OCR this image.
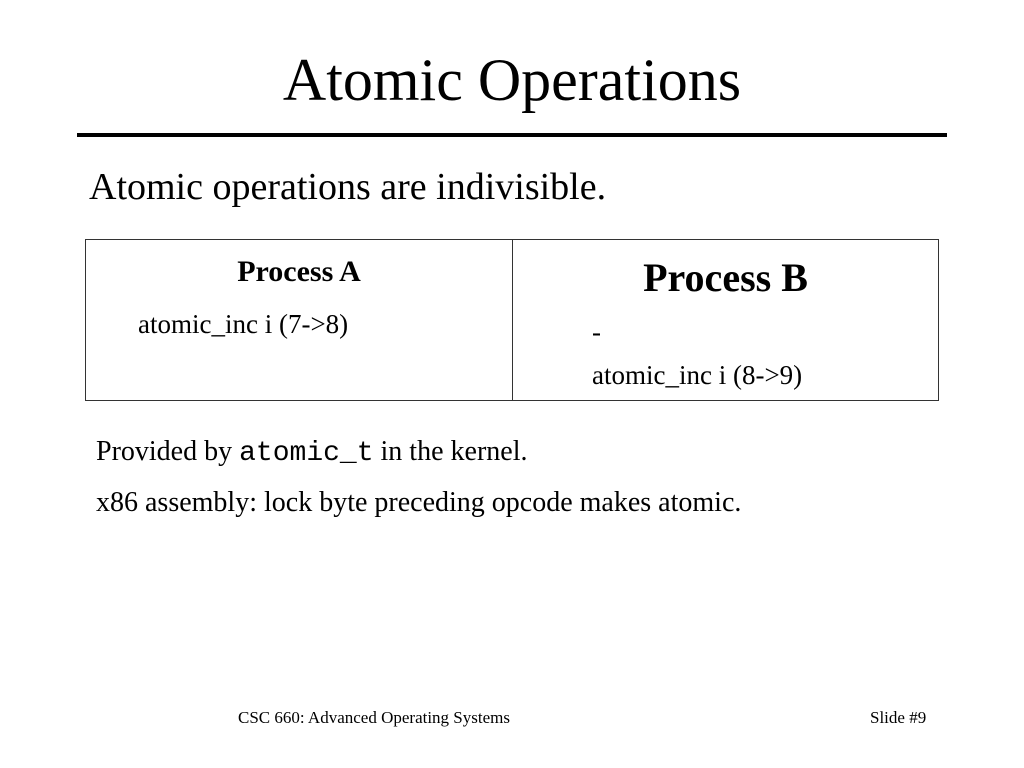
Atomic Operations
Atomic operations are indivisible.
Process A
atomic_inc i (7->8)
Process B
-
atomic_inc i (8->9)
Provided by atomic_t in the kernel.
x86 assembly: lock byte preceding opcode makes atomic.
CSC 660: Advanced Operating Systems	Slide #9
